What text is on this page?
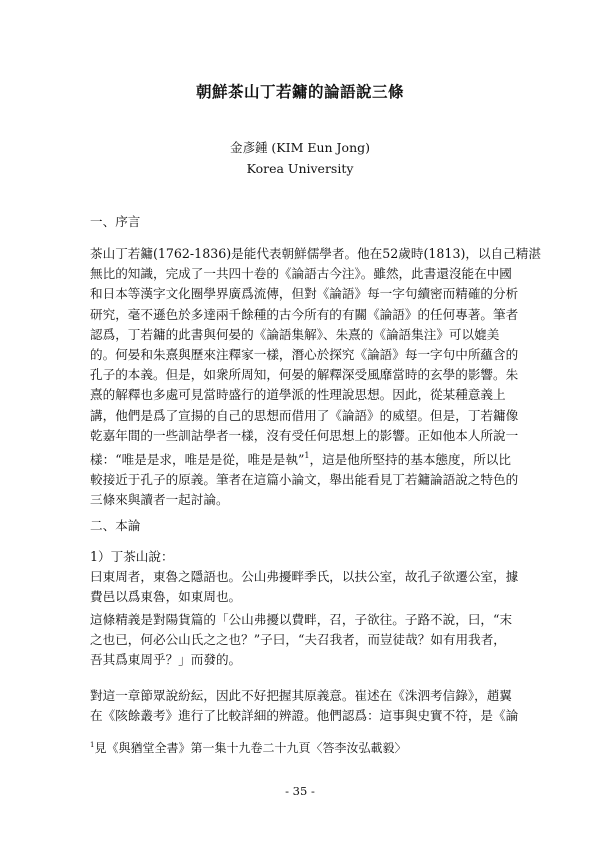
朝鮮茶山丁若鏞的論語說三條
金彥鍾 (KIM Eun Jong)
Korea University
一、序言
茶山丁若鏞(1762-1836)是能代表朝鮮儒學者。他在52歲時(1813)，以自己精湛
無比的知識，完成了一共四十卷的《論語古今注》。雖然，此書還沒能在中國
和日本等漢字文化圈學界廣爲流傳，但對《論語》每一字句續密而精確的分析
研究，毫不遜色於多達兩千餘種的古今所有的有關《論語》的任何專著。筆者
認爲，丁若鏞的此書與何晏的《論語集解》、朱熹的《論語集注》可以媲美
的。何晏和朱熹與歷來注釋家一樣，潛心於探究《論語》每一字句中所蘊含的
孔子的本義。但是，如衆所周知，何晏的解釋深受風靡當時的玄學的影響。朱
熹的解釋也多處可見當時盛行的道學派的性理說思想。因此，從某種意義上
講，他們是爲了宣揚的自己的思想而借用了《論語》的威望。但是，丁若鏞像
乾嘉年間的一些訓詁學者一樣，沒有受任何思想上的影響。正如他本人所說一
樣：“唯是是求，唯是是從，唯是是執”$^1$，這是他所堅持的基本態度，所以比
較接近于孔子的原義。筆者在這篇小論文，舉出能看見丁若鏞論語說之特色的
三條來與讀者一起討論。
二、本論
1）丁茶山說：
曰東周者，東魯之隱語也。公山弗擾畔季氏，以扶公室，故孔子欲遷公室，據
費邑以爲東魯，如東周也。
這條精義是對陽貨篇的「公山弗擾以費畔，召，子欲往。子路不說，曰，“末
之也已，何必公山氏之之也？”子曰，“夫召我者，而豈徒哉？如有用我者，
吾其爲東周乎？」而發的。
對這一章節眾說紛紜，因此不好把握其原義意。崔述在《洙泗考信錄》，趙翼
在《陔餘叢考》進行了比較詳細的辨證。他們認爲：這事與史實不符，是《論
$^1$見《與猶堂全書》第一集十九卷二十九頁〈答李汝弘載毅〉
- 35 -
